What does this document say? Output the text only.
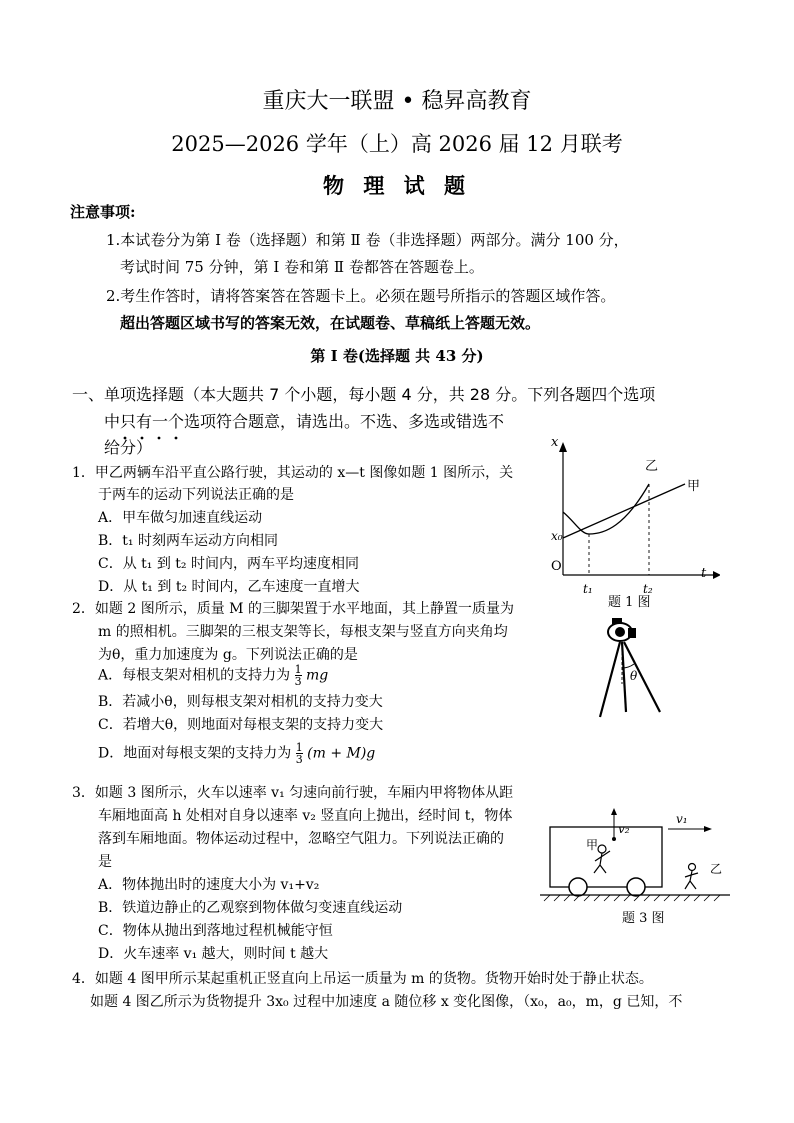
重庆大一联盟 • 稳昇高教育
2025—2026 学年（上）高 2026 届 12 月联考
物 理 试 题
注意事项:
1.本试卷分为第 Ⅰ 卷（选择题）和第 Ⅱ 卷（非选择题）两部分。满分 100 分，
考试时间 75 分钟，第 I 卷和第 Ⅱ 卷都答在答题卷上。
2.考生作答时，请将答案答在答题卡上。必须在题号所指示的答题区域作答。
超出答题区域书写的答案无效，在试题卷、草稿纸上答题无效。
第 I 卷(选择题 共 43 分)
一、单项选择题（本大题共 7 个小题，每小题 4 分，共 28 分。下列各题四个选项
中只有一个选项符合题意，请选出。不选、多选或错选不
给分）
1．甲乙两辆车沿平直公路行驶，其运动的 x—t 图像如题 1 图所示，关
于两车的运动下列说法正确的是
A．甲车做匀加速直线运动
B．t₁ 时刻两车运动方向相同
C．从 t₁ 到 t₂ 时间内，两车平均速度相同
D．从 t₁ 到 t₂ 时间内，乙车速度一直增大
x
t
O
x₀
t₁	t₂
乙
甲
题 1 图
2．如题 2 图所示，质量 M 的三脚架置于水平地面，其上静置一质量为
m 的照相机。三脚架的三根支架等长，每根支架与竖直方向夹角均
为θ，重力加速度为 g。下列说法正确的是
A．每根支架对相机的支持力为 $\frac{1}{3}$ mg
B．若减小θ，则每根支架对相机的支持力变大
C．若增大θ，则地面对每根支架的支持力变大
D．地面对每根支架的支持力为 $\frac{1}{3} (m + M)g$
θ
3．如题 3 图所示，火车以速率 v₁ 匀速向前行驶，车厢内甲将物体从距
车厢地面高 h 处相对自身以速率 v₂ 竖直向上抛出，经时间 t，物体
落到车厢地面。物体运动过程中，忽略空气阻力。下列说法正确的
是
A．物体抛出时的速度大小为 v₁+v₂
B．铁道边静止的乙观察到物体做匀变速直线运动
C．物体从抛出到落地过程机械能守恒
D．火车速率 v₁ 越大，则时间 t 越大
v₂
v₁
甲
乙
题 3 图
4．如题 4 图甲所示某起重机正竖直向上吊运一质量为 m 的货物。货物开始时处于静止状态。
如题 4 图乙所示为货物提升 3x₀ 过程中加速度 a 随位移 x 变化图像，（x₀，a₀，m，g 已知，不
